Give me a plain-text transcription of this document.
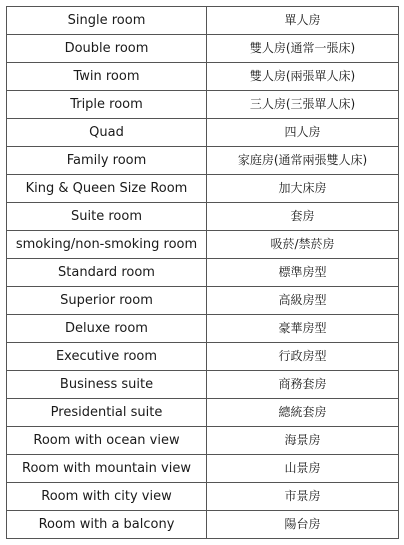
Single room	單人房
Double room	雙人房(通常一張床)
Twin room	雙人房(兩張單人床)
Triple room	三人房(三張單人床)
Quad	四人房
Family room	家庭房(通常兩張雙人床)
King & Queen Size Room	加大床房
Suite room	套房
smoking/non-smoking room	吸菸/禁菸房
Standard room	標準房型
Superior room	高級房型
Deluxe room	豪華房型
Executive room	行政房型
Business suite	商務套房
Presidential suite	總統套房
Room with ocean view	海景房
Room with mountain view	山景房
Room with city view	市景房
Room with a balcony	陽台房
